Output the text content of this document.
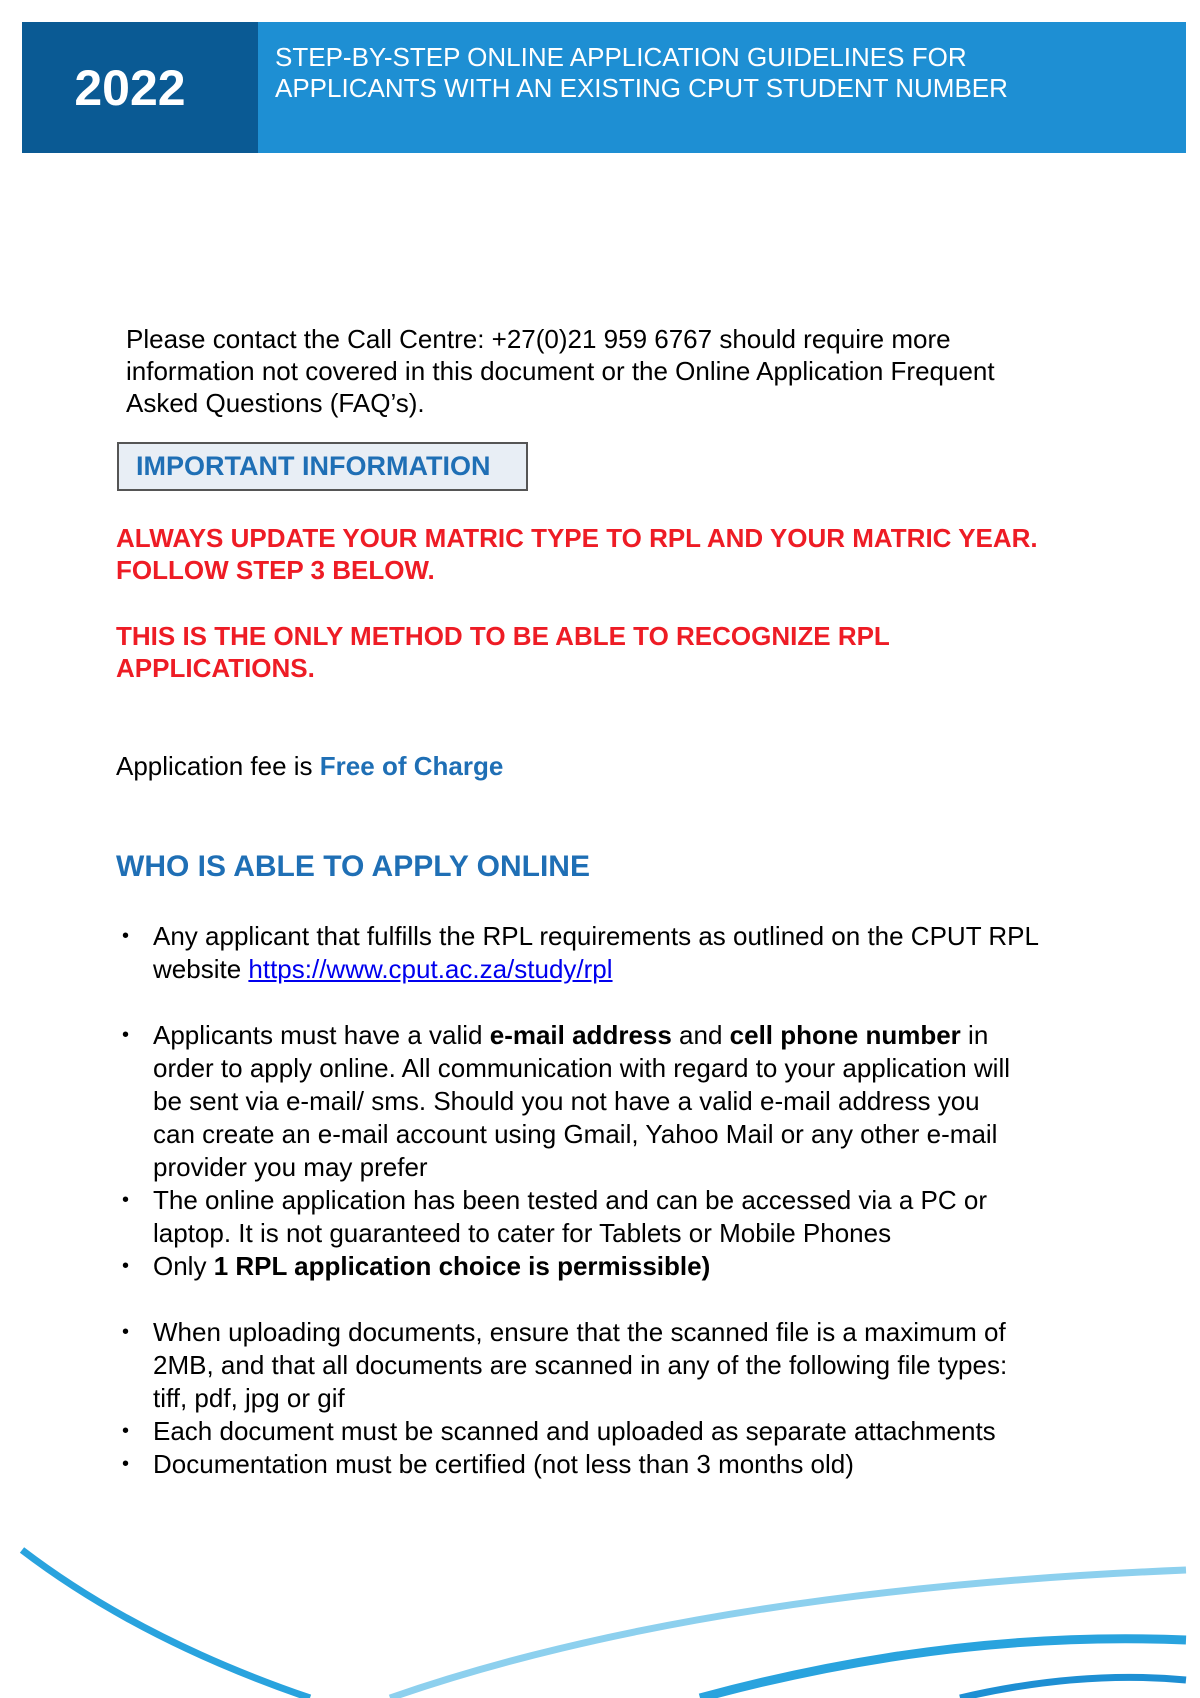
2022
STEP-BY-STEP ONLINE APPLICATION GUIDELINES FOR
APPLICANTS WITH AN EXISTING CPUT STUDENT NUMBER
Please contact the Call Centre: +27(0)21 959 6767 should require more
information not covered in this document or the Online Application Frequent
Asked Questions (FAQ’s).
IMPORTANT INFORMATION
ALWAYS UPDATE YOUR MATRIC TYPE TO RPL AND YOUR MATRIC YEAR.
FOLLOW STEP 3 BELOW.
THIS IS THE ONLY METHOD TO BE ABLE TO RECOGNIZE RPL
APPLICATIONS.
Application fee is Free of Charge
WHO IS ABLE TO APPLY ONLINE
• Any applicant that fulfills the RPL requirements as outlined on the CPUT RPL
website https://www.cput.ac.za/study/rpl
• Applicants must have a valid e-mail address and cell phone number in
order to apply online. All communication with regard to your application will
be sent via e-mail/ sms. Should you not have a valid e-mail address you
can create an e-mail account using Gmail, Yahoo Mail or any other e-mail
provider you may prefer
• The online application has been tested and can be accessed via a PC or
laptop. It is not guaranteed to cater for Tablets or Mobile Phones
• Only 1 RPL application choice is permissible)
• When uploading documents, ensure that the scanned file is a maximum of
2MB, and that all documents are scanned in any of the following file types:
tiff, pdf, jpg or gif
• Each document must be scanned and uploaded as separate attachments
• Documentation must be certified (not less than 3 months old)
